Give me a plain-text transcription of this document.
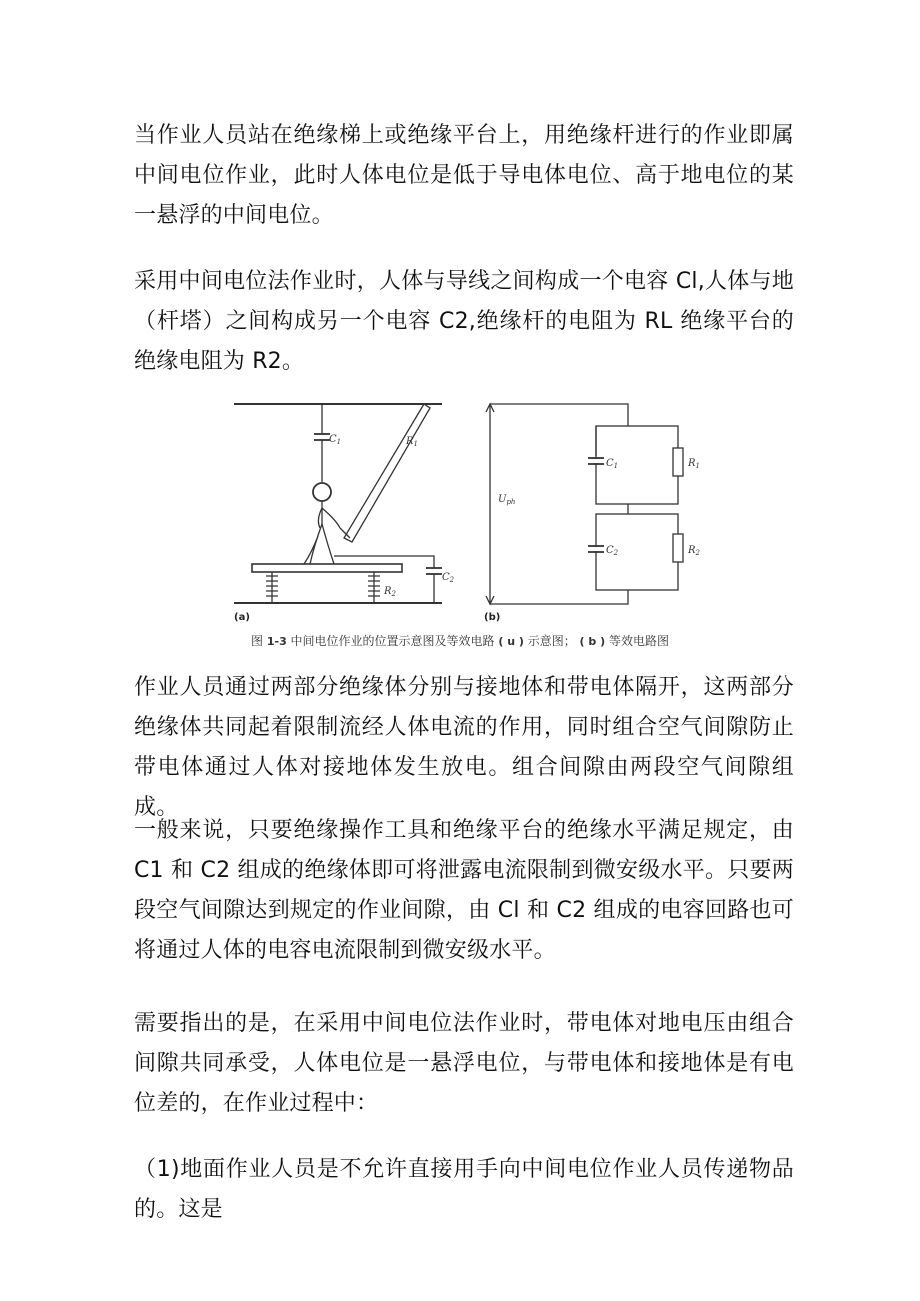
当作业人员站在绝缘梯上或绝缘平台上，用绝缘杆进行的作业即属中间电位作业，此时人体电位是低于导电体电位、高于地电位的某一悬浮的中间电位。

采用中间电位法作业时，人体与导线之间构成一个电容 Cl,人体与地（杆塔）之间构成另一个电容 C2,绝缘杆的电阻为 RL 绝缘平台的绝缘电阻为 R2。

$C_1$	$R_1$
$C_2$
$R_2$
(a)
$C_1$	$R_1$
$C_2$	$R_2$
$U_{ph}$
(b)
图 1-3 中间电位作业的位置示意图及等效电路 ( u ) 示意图； ( b ) 等效电路图

作业人员通过两部分绝缘体分别与接地体和带电体隔开，这两部分绝缘体共同起着限制流经人体电流的作用，同时组合空气间隙防止带电体通过人体对接地体发生放电。组合间隙由两段空气间隙组成。

一般来说，只要绝缘操作工具和绝缘平台的绝缘水平满足规定，由 C1 和 C2 组成的绝缘体即可将泄露电流限制到微安级水平。只要两段空气间隙达到规定的作业间隙，由 Cl 和 C2 组成的电容回路也可将通过人体的电容电流限制到微安级水平。

需要指出的是，在采用中间电位法作业时，带电体对地电压由组合间隙共同承受，人体电位是一悬浮电位，与带电体和接地体是有电位差的，在作业过程中：

（1)地面作业人员是不允许直接用手向中间电位作业人员传递物品的。这是
